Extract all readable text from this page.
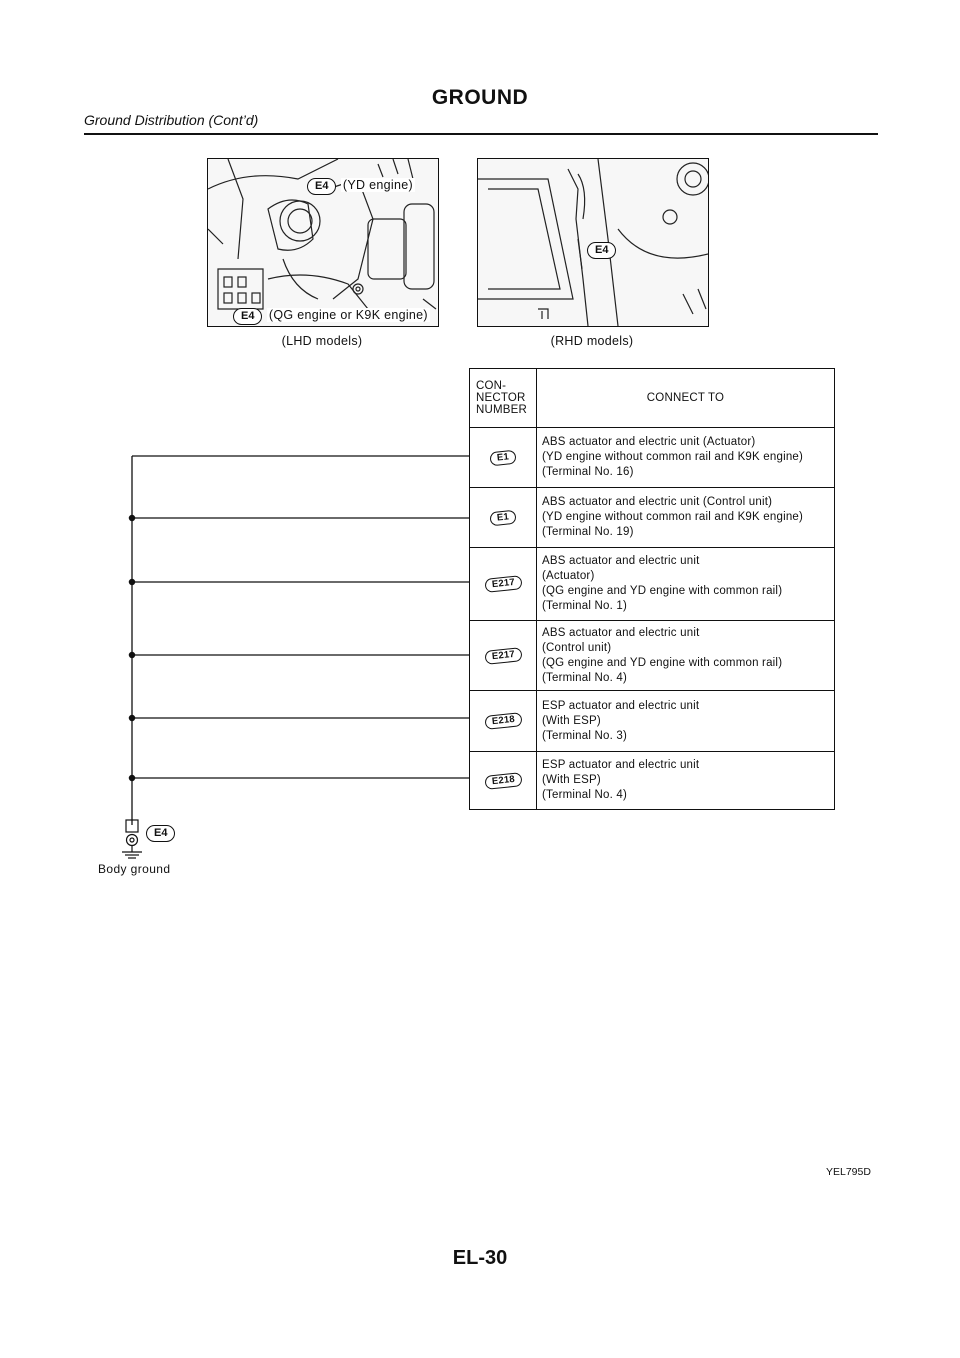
GROUND
Ground Distribution (Cont’d)
E4 (YD engine)
E4 (QG engine or K9K engine)
(LHD models)
E4
(RHD models)
E4
Body ground
CON-
NECTOR
NUMBER	CONNECT TO
E1	ABS actuator and electric unit (Actuator)
(YD engine without common rail and K9K engine)
(Terminal No. 16)

E1	ABS actuator and electric unit (Control unit)
(YD engine without common rail and K9K engine)
(Terminal No. 19)

E217	ABS actuator and electric unit
(Actuator)
(QG engine and YD engine with common rail)
(Terminal No. 1)

E217	ABS actuator and electric unit
(Control unit)
(QG engine and YD engine with common rail)
(Terminal No. 4)

E218	ESP actuator and electric unit
(With ESP)
(Terminal No. 3)

E218	ESP actuator and electric unit
(With ESP)
(Terminal No. 4)
YEL795D
EL-30
